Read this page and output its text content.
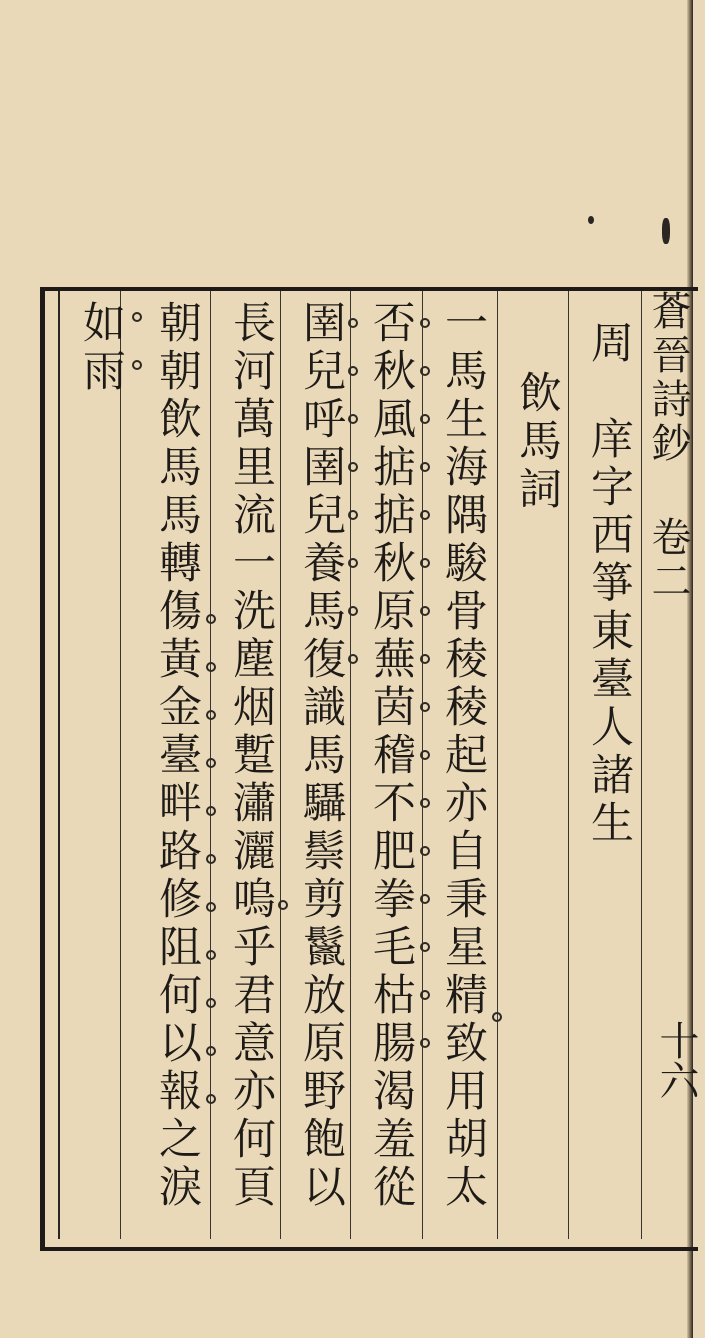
蒼晉詩鈔 卷二
十六
周　庠字西箏東臺人諸生
飲馬詞
一馬生海隅駿骨稜稜起亦自秉星精致用胡太
否秋風掂掂秋原蕪茵稽不肥拳毛枯腸渴羞從
圉兒呼圉兒養馬復識馬䯀鬃剪鬣放原野飽以
長河萬里流一洗塵烟蹔瀟灑嗚乎君意亦何頁
朝朝飲馬馬轉傷黃金臺畔路修阻何以報之淚
如雨
